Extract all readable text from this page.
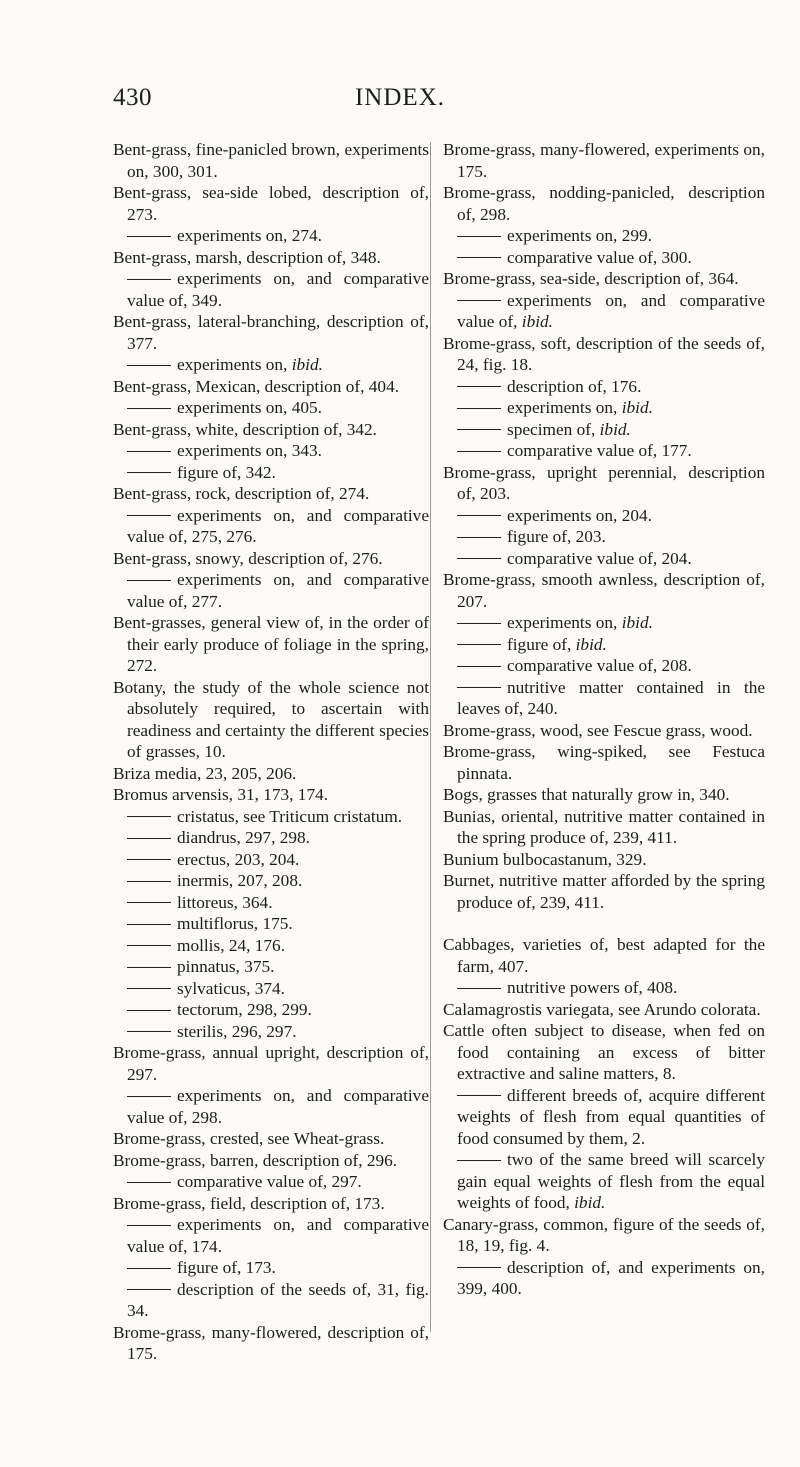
430	INDEX.

Bent-grass, fine-panicled brown, experiments on, 300, 301.

Bent-grass, sea-side lobed, description of, 273.

experiments on, 274.

Bent-grass, marsh, description of, 348.

experiments on, and comparative value of, 349.

Bent-grass, lateral-branching, description of, 377.

experiments on, ibid.

Bent-grass, Mexican, description of, 404.

experiments on, 405.

Bent-grass, white, description of, 342.

experiments on, 343.

figure of, 342.

Bent-grass, rock, description of, 274.

experiments on, and comparative value of, 275, 276.

Bent-grass, snowy, description of, 276.

experiments on, and comparative value of, 277.

Bent-grasses, general view of, in the order of their early produce of foliage in the spring, 272.

Botany, the study of the whole science not absolutely required, to ascertain with readiness and certainty the different species of grasses, 10.

Briza media, 23, 205, 206.

Bromus arvensis, 31, 173, 174.

cristatus, see Triticum cristatum.

diandrus, 297, 298.

erectus, 203, 204.

inermis, 207, 208.

littoreus, 364.

multiflorus, 175.

mollis, 24, 176.

pinnatus, 375.

sylvaticus, 374.

tectorum, 298, 299.

sterilis, 296, 297.

Brome-grass, annual upright, description of, 297.

experiments on, and comparative value of, 298.

Brome-grass, crested, see Wheat-grass.

Brome-grass, barren, description of, 296.

comparative value of, 297.

Brome-grass, field, description of, 173.

experiments on, and comparative value of, 174.

figure of, 173.

description of the seeds of, 31, fig. 34.

Brome-grass, many-flowered, description of, 175.

Brome-grass, many-flowered, experiments on, 175.

Brome-grass, nodding-panicled, description of, 298.

experiments on, 299.

comparative value of, 300.

Brome-grass, sea-side, description of, 364.

experiments on, and comparative value of, ibid.

Brome-grass, soft, description of the seeds of, 24, fig. 18.

description of, 176.

experiments on, ibid.

specimen of, ibid.

comparative value of, 177.

Brome-grass, upright perennial, description of, 203.

experiments on, 204.

figure of, 203.

comparative value of, 204.

Brome-grass, smooth awnless, description of, 207.

experiments on, ibid.

figure of, ibid.

comparative value of, 208.

nutritive matter contained in the leaves of, 240.

Brome-grass, wood, see Fescue grass, wood.

Brome-grass, wing-spiked, see Festuca pinnata.

Bogs, grasses that naturally grow in, 340.

Bunias, oriental, nutritive matter contained in the spring produce of, 239, 411.

Bunium bulbocastanum, 329.

Burnet, nutritive matter afforded by the spring produce of, 239, 411.

Cabbages, varieties of, best adapted for the farm, 407.

nutritive powers of, 408.

Calamagrostis variegata, see Arundo colorata.

Cattle often subject to disease, when fed on food containing an excess of bitter extractive and saline matters, 8.

different breeds of, acquire different weights of flesh from equal quantities of food consumed by them, 2.

two of the same breed will scarcely gain equal weights of flesh from the equal weights of food, ibid.

Canary-grass, common, figure of the seeds of, 18, 19, fig. 4.

description of, and experiments on, 399, 400.
